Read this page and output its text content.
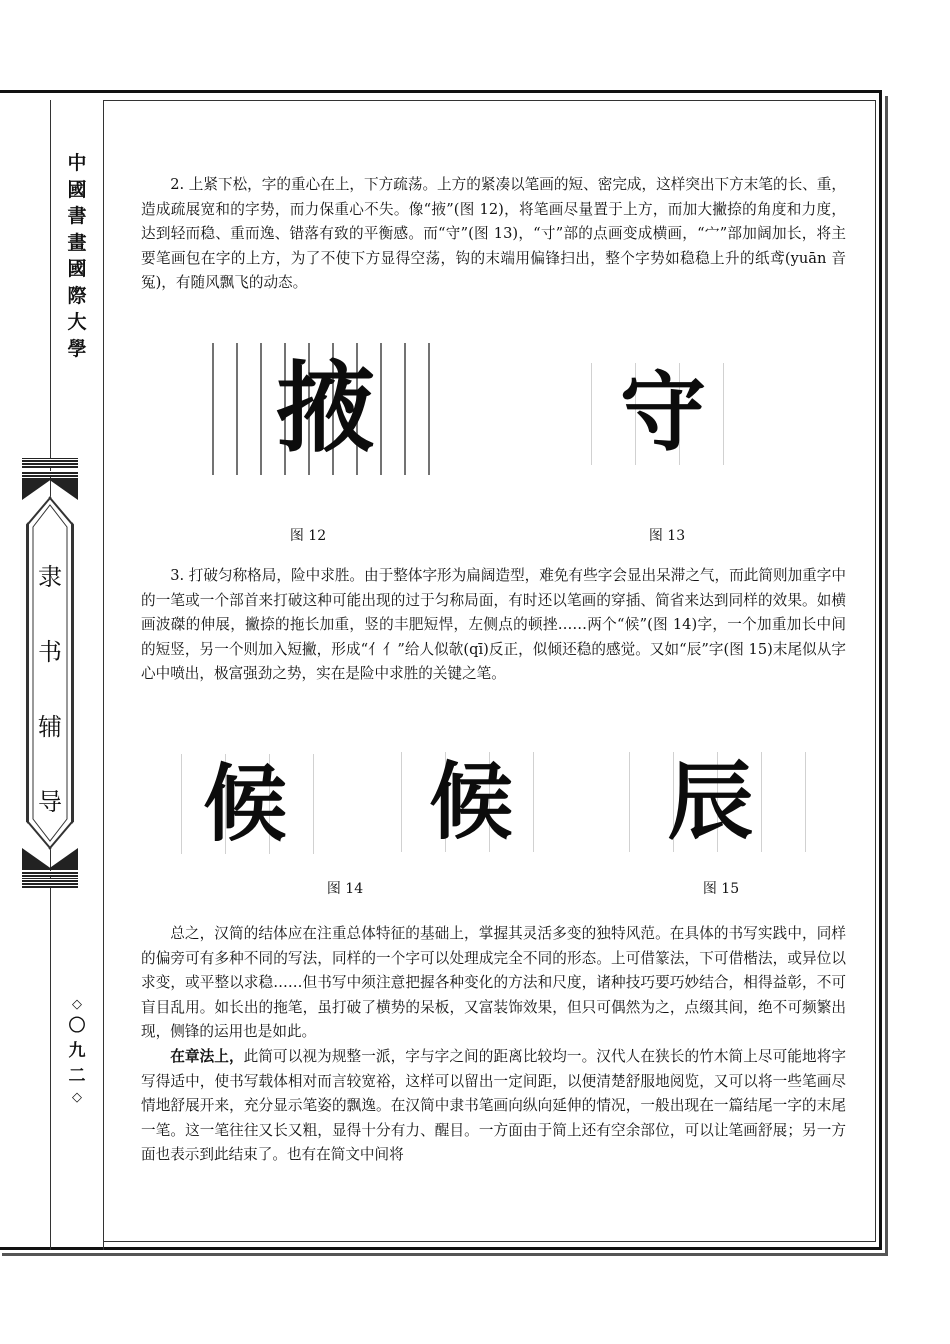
中
國
書
畫
國
際
大
學
隶
书
辅
导
◇
〇
九
二
◇

2. 上紧下松，字的重心在上，下方疏荡。上方的紧凑以笔画的短、密完成，这样突出下方末笔的长、重，造成疏展宽和的字势，而力保重心不失。像“掖”(图 12)，将笔画尽量置于上方，而加大撇捺的角度和力度，达到轻而稳、重而逸、错落有致的平衡感。而“守”(图 13)，“寸”部的点画变成横画，“宀”部加阔加长，将主要笔画包在字的上方，为了不使下方显得空荡，钩的末端用偏锋扫出，整个字势如稳稳上升的纸鸢(yuān 音冤)，有随风飘飞的动态。

掖
图 12
守
图 13

3. 打破匀称格局，险中求胜。由于整体字形为扁阔造型，难免有些字会显出呆滞之气，而此简则加重字中的一笔或一个部首来打破这种可能出现的过于匀称局面，有时还以笔画的穿插、简省来达到同样的效果。如横画波磔的伸展，撇捺的拖长加重，竖的丰肥短悍，左侧点的顿挫……两个“候”(图 14)字，一个加重加长中间的短竖，另一个则加入短撇，形成“亻亻”给人似欹(qī)反正，似倾还稳的感觉。又如“辰”字(图 15)末尾似从字心中喷出，极富强劲之势，实在是险中求胜的关键之笔。

候	候
图 14
辰
图 15

总之，汉简的结体应在注重总体特征的基础上，掌握其灵活多变的独特风范。在具体的书写实践中，同样的偏旁可有多种不同的写法，同样的一个字可以处理成完全不同的形态。上可借篆法，下可借楷法，或异位以求变，或平整以求稳……但书写中须注意把握各种变化的方法和尺度，诸种技巧要巧妙结合，相得益彰，不可盲目乱用。如长出的拖笔，虽打破了横势的呆板，又富装饰效果，但只可偶然为之，点缀其间，绝不可频繁出现，侧锋的运用也是如此。

在章法上，此简可以视为规整一派，字与字之间的距离比较均一。汉代人在狭长的竹木简上尽可能地将字写得适中，使书写载体相对而言较宽裕，这样可以留出一定间距，以便清楚舒服地阅览，又可以将一些笔画尽情地舒展开来，充分显示笔姿的飘逸。在汉简中隶书笔画向纵向延伸的情况，一般出现在一篇结尾一字的末尾一笔。这一笔往往又长又粗，显得十分有力、醒目。一方面由于简上还有空余部位，可以让笔画舒展；另一方面也表示到此结束了。也有在简文中间将
